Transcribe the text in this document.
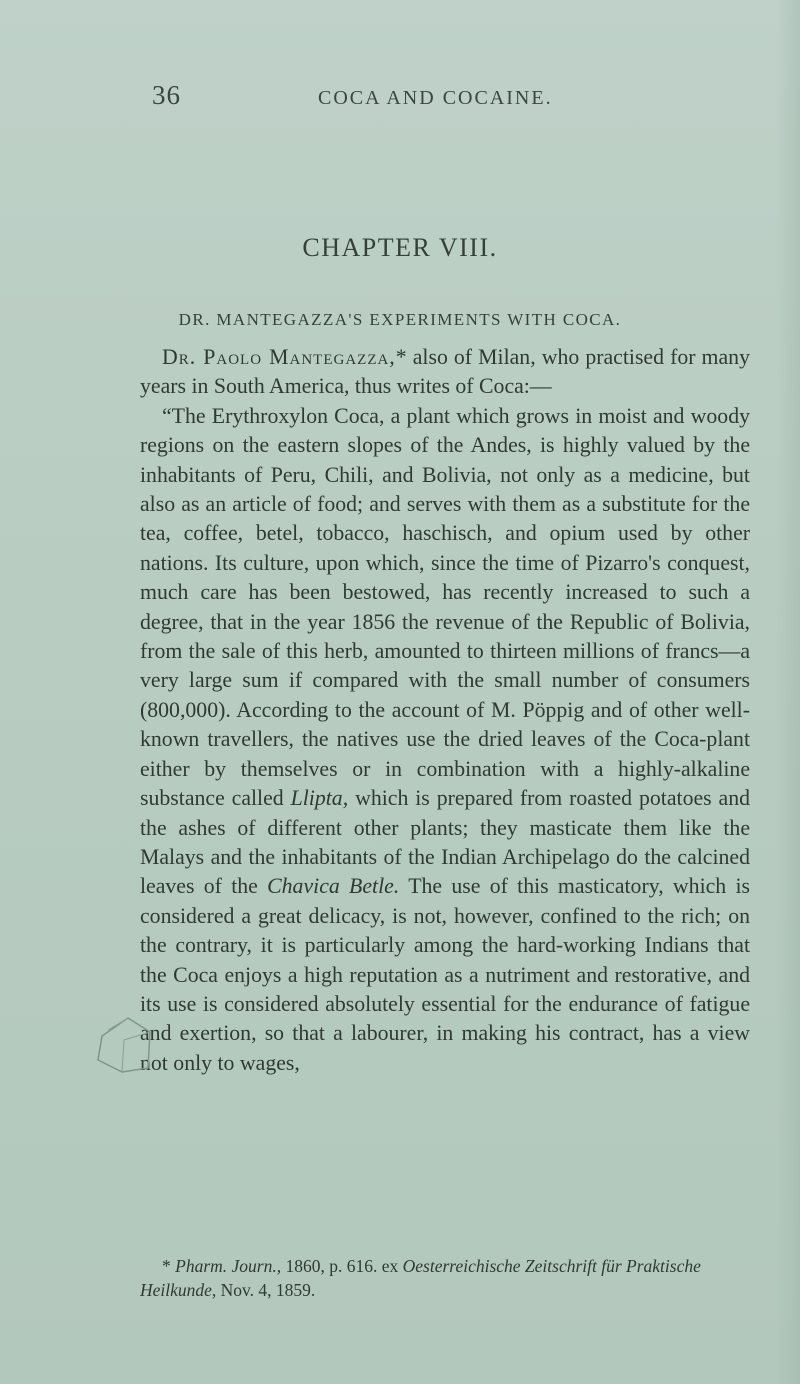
36	COCA AND COCAINE.
CHAPTER VIII.
DR. MANTEGAZZA'S EXPERIMENTS WITH COCA.

Dr. Paolo Mantegazza,* also of Milan, who practised for many years in South America, thus writes of Coca:—

“The Erythroxylon Coca, a plant which grows in moist and woody regions on the eastern slopes of the Andes, is highly valued by the inhabitants of Peru, Chili, and Bolivia, not only as a medicine, but also as an article of food; and serves with them as a substitute for the tea, coffee, betel, tobacco, haschisch, and opium used by other nations. Its culture, upon which, since the time of Pizarro's conquest, much care has been bestowed, has recently increased to such a degree, that in the year 1856 the revenue of the Republic of Bolivia, from the sale of this herb, amounted to thirteen millions of francs—a very large sum if compared with the small number of consumers (800,000). According to the account of M. Pöppig and of other well-known travellers, the natives use the dried leaves of the Coca-plant either by themselves or in combination with a highly-alkaline substance called Llipta, which is prepared from roasted potatoes and the ashes of different other plants; they masticate them like the Malays and the inhabitants of the Indian Archipelago do the calcined leaves of the Chavica Betle. The use of this masticatory, which is considered a great delicacy, is not, however, confined to the rich; on the contrary, it is particularly among the hard-working Indians that the Coca enjoys a high reputation as a nutriment and restorative, and its use is considered absolutely essential for the endurance of fatigue and exertion, so that a labourer, in making his contract, has a view not only to wages,

* Pharm. Journ., 1860, p. 616. ex Oesterreichische Zeitschrift für Praktische Heilkunde, Nov. 4, 1859.
